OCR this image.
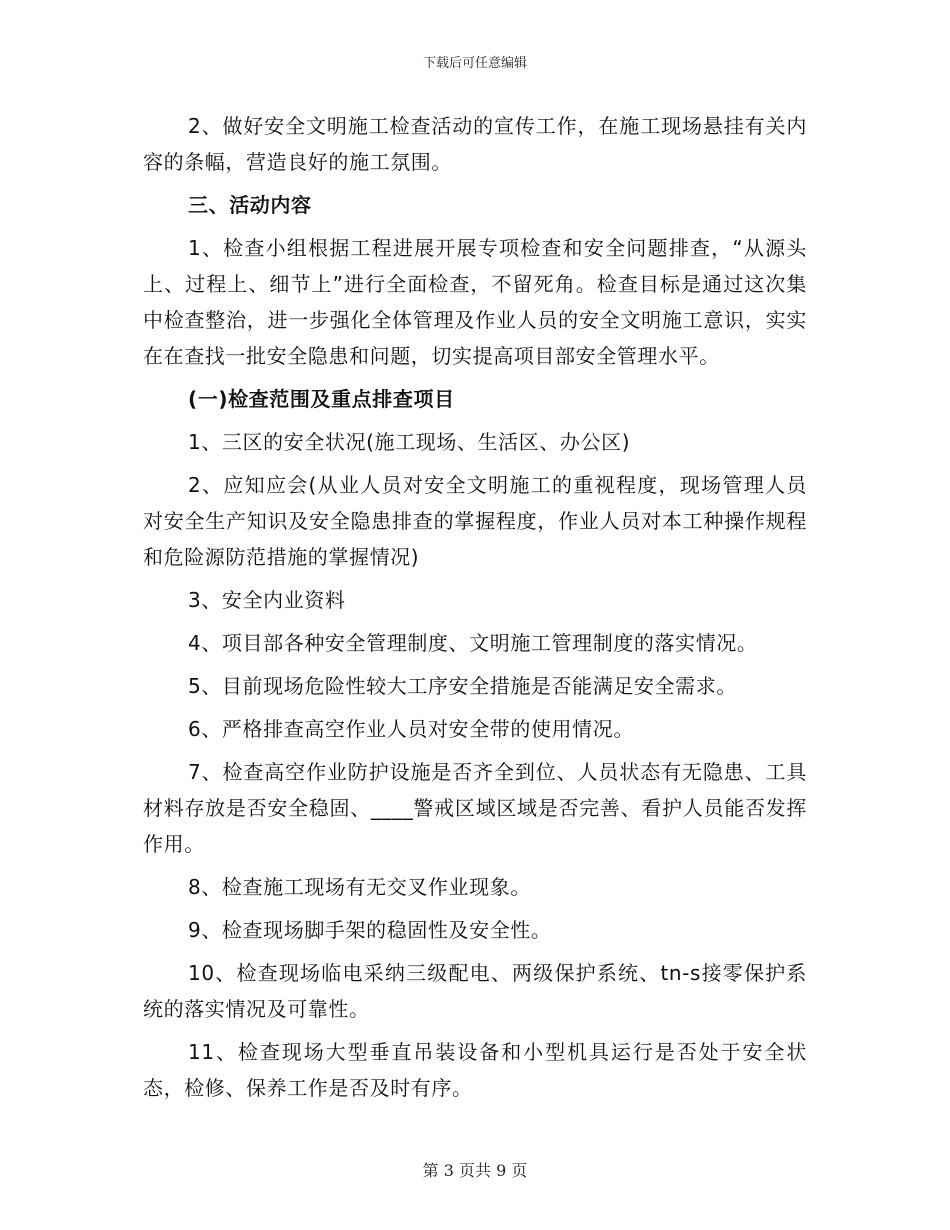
下载后可任意编辑

2、做好安全文明施工检查活动的宣传工作，在施工现场悬挂有关内容的条幅，营造良好的施工氛围。

三、活动内容

1、检查小组根据工程进展开展专项检查和安全问题排查，“从源头上、过程上、细节上”进行全面检查，不留死角。检查目标是通过这次集中检查整治，进一步强化全体管理及作业人员的安全文明施工意识，实实在在查找一批安全隐患和问题，切实提高项目部安全管理水平。

(一)检查范围及重点排查项目

1、三区的安全状况(施工现场、生活区、办公区)

2、应知应会(从业人员对安全文明施工的重视程度，现场管理人员对安全生产知识及安全隐患排查的掌握程度，作业人员对本工种操作规程和危险源防范措施的掌握情况)

3、安全内业资料

4、项目部各种安全管理制度、文明施工管理制度的落实情况。

5、目前现场危险性较大工序安全措施是否能满足安全需求。

6、严格排查高空作业人员对安全带的使用情况。

7、检查高空作业防护设施是否齐全到位、人员状态有无隐患、工具材料存放是否安全稳固、____警戒区域区域是否完善、看护人员能否发挥作用。

8、检查施工现场有无交叉作业现象。

9、检查现场脚手架的稳固性及安全性。

10、检查现场临电采纳三级配电、两级保护系统、tn-s接零保护系统的落实情况及可靠性。

11、检查现场大型垂直吊装设备和小型机具运行是否处于安全状态，检修、保养工作是否及时有序。

第 3 页共 9 页
